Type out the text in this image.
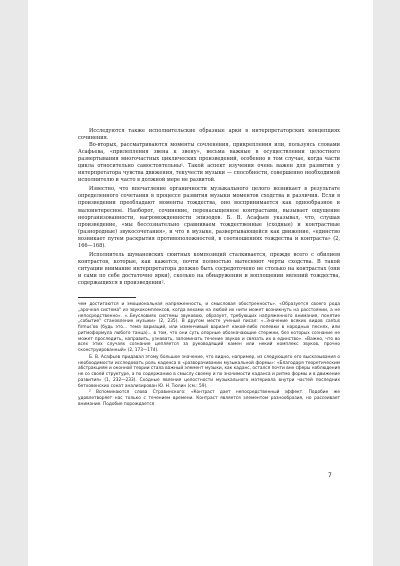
Исследуются также исполнительские образные арки в интерпретаторских концепциях сочинения.

Во-вторых, рассматриваются моменты сочленения, прикрепления или, пользуясь словами Асафьева, «прилепления звена к звену», весьма важные в осуществлении целостного развертывания многочастных циклических произведений, особенно в том случае, когда части цикла относительно самостоятельны¹. Такой аспект изучения очень важен для развития у интерпретатора чувства движения, текучести музыки — способности, совершенно необходимой исполнителю и часто в должной мере не развитой.

Известно, что впечатление органичности музыкального целого возникает в результате определенного сочетания в процессе развития музыки моментов сходства и различия. Если в произведении преобладают моменты тождества, оно воспринимается как однообразное и малоинтересное. Наоборот, сочинение, перенасыщенное контрастами, вызывает ощущение неорганизованности, нагроможденности эпизодов. Б. В. Асафьев указывал, что, слушая произведение, «мы бессознательно сравниваем тождественные (сходные) и контрастные (разнородные) звукосочетания», и что в музыке, развертывающейся как движение, «единство возникает путем раскрытия противоположностей, в соотношениях тождества и контраста» (2, 166—168).

Исполнитель шумановских сюитных композиций сталкивается, прежде всего с обилием контрастов, которые, как кажется, почти полностью вытесняют черты сходства. В такой ситуации внимание интерпретатора должно быть сосредоточено не столько на контрастах (они и сами по себе достаточно ярки), сколько на обнаружении и воплощении явлений тождества, содержащихся в произведении².

чем достигаются и эмоциональная напряженность, и смысловая обостренность». «Образуется своего рода „арочная система" из звукокомплексов, когда вехами на любой их нити может возникнуть на расстоянии, а не непосредственно». «..Беусловиях системы звуковою, образует, требующих напряженного внимания, понятие „событие" становление музыки» (2, 235). В другом месте ученый писал: «..Значение всяких видов cantus firmus'ов (будь это... тема вариаций, или изменчивый вариант какой-либо попевки в народных песнях, или ритмоформула любого танца)... в том, что они суть опорные обозначающие стержни, без которых сознание не может проследить, направить, узнавать, запоминать течение звуков и связать их в единство». «Важно, что во всех этих случаях сознание цепляется за руководящий камен или некий комплекс звуков, прочно сконструированный» (2, 173—174).

Б. В. Асафьев придавал этому большое значение, что видно, например, из следующего его высказывания о необходимости исследовать роль каденса в «разворачивании музыкальной формы»: «Благодаря теоретическим абстракциям и оконной теории стала важный элемент музыки, как каданс, остался почти вне сферы наблюдения не со своей структуре, а по содержанию в смыслу своему и по значимости каданса и ритмо формы и в движение развития» (1, 232—233). Сходные явления целостности музыкального материала внутри частей последних бетховенских сонат анализирован Ю. Н. Тюлин (см.: 59).

² Вспоминаются слова Стравинского: «Контраст дает непосредственный эффект. Подобие же удовлетворяет нас только с течением времени. Контраст является элементом разнообразия, но рассеивает внимание. Подобие порождается

7
